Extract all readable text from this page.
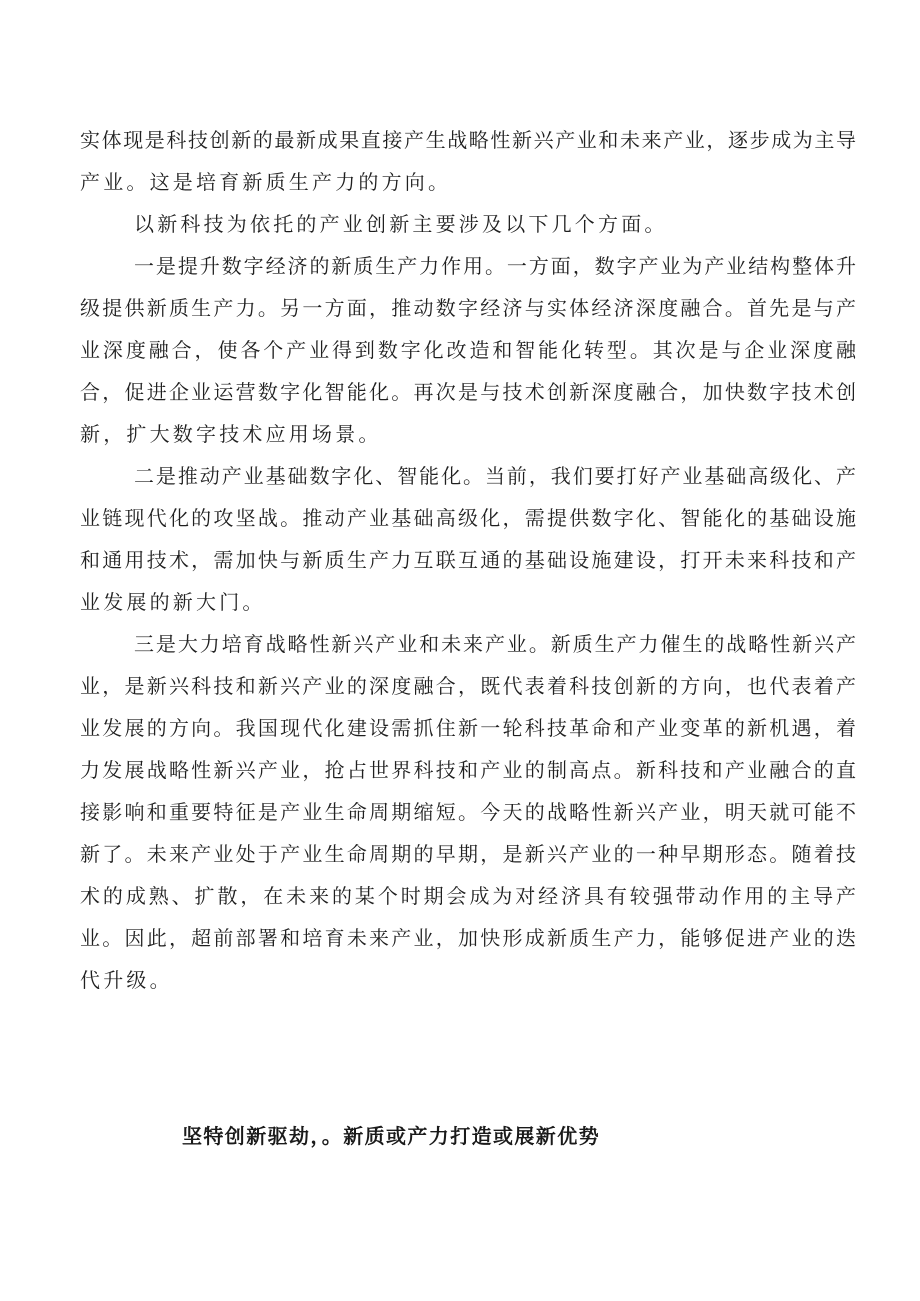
实体现是科技创新的最新成果直接产生战略性新兴产业和未来产业，逐步成为主导
产业。这是培育新质生产力的方向。
以新科技为依托的产业创新主要涉及以下几个方面。
一是提升数字经济的新质生产力作用。一方面，数字产业为产业结构整体升
级提供新质生产力。另一方面，推动数字经济与实体经济深度融合。首先是与产
业深度融合，使各个产业得到数字化改造和智能化转型。其次是与企业深度融
合，促进企业运营数字化智能化。再次是与技术创新深度融合，加快数字技术创
新，扩大数字技术应用场景。
二是推动产业基础数字化、智能化。当前，我们要打好产业基础高级化、产
业链现代化的攻坚战。推动产业基础高级化，需提供数字化、智能化的基础设施
和通用技术，需加快与新质生产力互联互通的基础设施建设，打开未来科技和产
业发展的新大门。
三是大力培育战略性新兴产业和未来产业。新质生产力催生的战略性新兴产
业，是新兴科技和新兴产业的深度融合，既代表着科技创新的方向，也代表着产
业发展的方向。我国现代化建设需抓住新一轮科技革命和产业变革的新机遇，着
力发展战略性新兴产业，抢占世界科技和产业的制高点。新科技和产业融合的直
接影响和重要特征是产业生命周期缩短。今天的战略性新兴产业，明天就可能不
新了。未来产业处于产业生命周期的早期，是新兴产业的一种早期形态。随着技
术的成熟、扩散，在未来的某个时期会成为对经济具有较强带动作用的主导产
业。因此，超前部署和培育未来产业，加快形成新质生产力，能够促进产业的迭
代升级。
坚特创新驱劫，。新质或产力打造或展新优势
